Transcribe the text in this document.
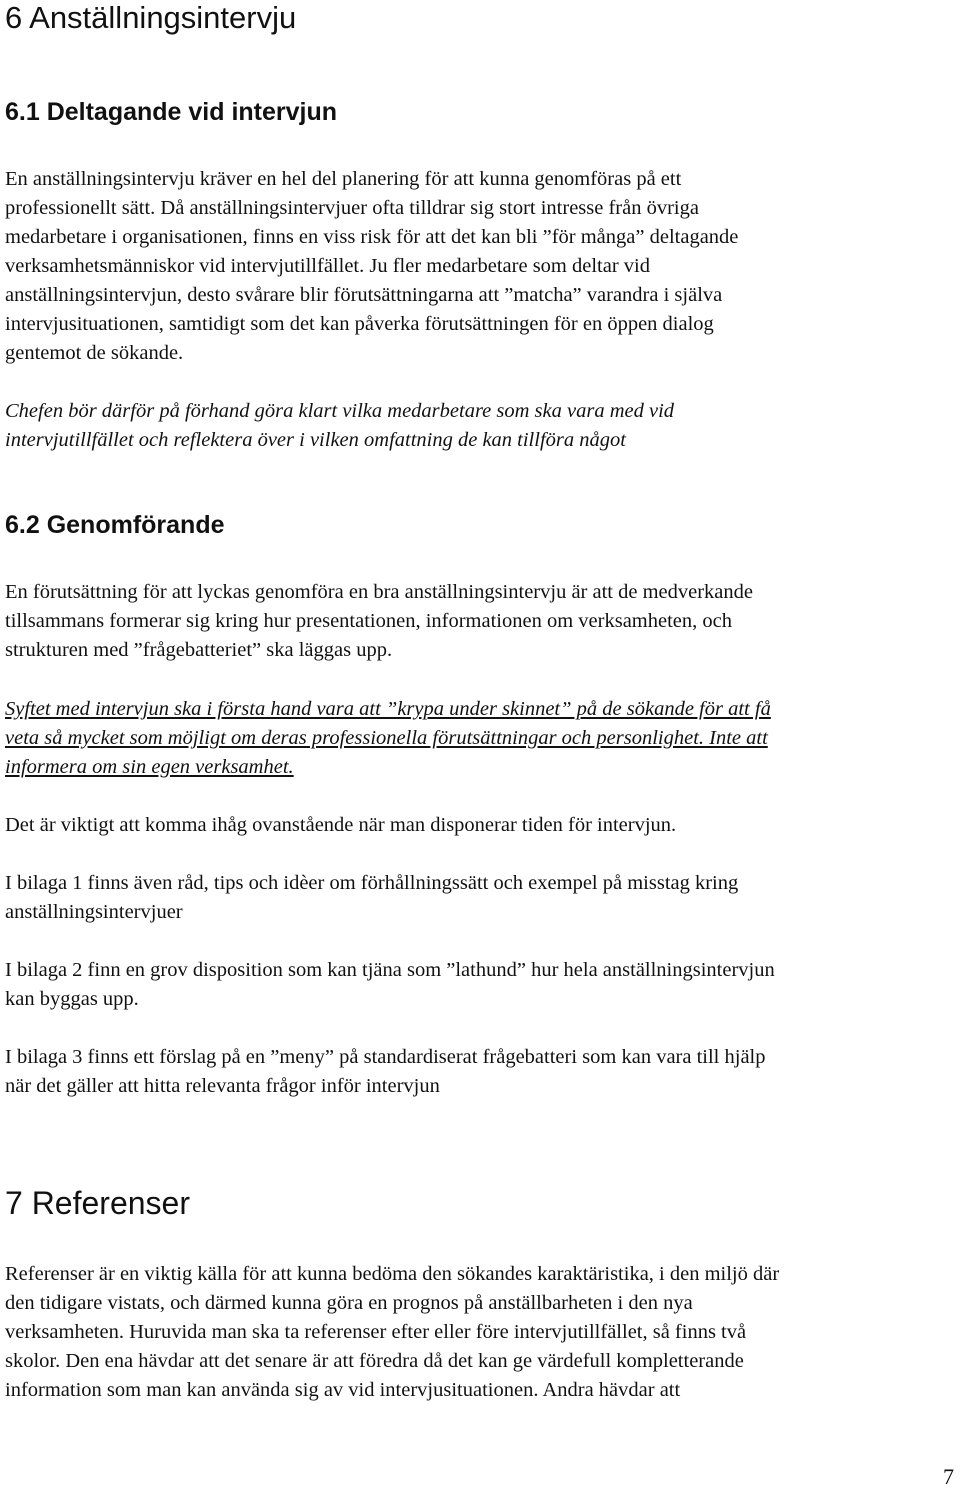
6 Anställningsintervju
6.1 Deltagande vid intervjun
En anställningsintervju kräver en hel del planering för att kunna genomföras på ett
professionellt sätt. Då anställningsintervjuer ofta tilldrar sig stort intresse från övriga
medarbetare i organisationen, finns en viss risk för att det kan bli ”för många” deltagande
verksamhetsmänniskor vid intervjutillfället. Ju fler medarbetare som deltar vid
anställningsintervjun, desto svårare blir förutsättningarna att ”matcha” varandra i själva
intervjusituationen, samtidigt som det kan påverka förutsättningen för en öppen dialog
gentemot de sökande.
Chefen bör därför på förhand göra klart vilka medarbetare som ska vara med vid
intervjutillfället och reflektera över i vilken omfattning de kan tillföra något
6.2 Genomförande
En förutsättning för att lyckas genomföra en bra anställningsintervju är att de medverkande
tillsammans formerar sig kring hur presentationen, informationen om verksamheten, och
strukturen med ”frågebatteriet” ska läggas upp.
Syftet med intervjun ska i första hand vara att ”krypa under skinnet” på de sökande för att få
veta så mycket som möjligt om deras professionella förutsättningar och personlighet. Inte att
informera om sin egen verksamhet.
Det är viktigt att komma ihåg ovanstående när man disponerar tiden för intervjun.
I bilaga 1 finns även råd, tips och idèer om förhållningssätt och exempel på misstag kring
anställningsintervjuer
I bilaga 2 finn en grov disposition som kan tjäna som ”lathund” hur hela anställningsintervjun
kan byggas upp.
I bilaga 3 finns ett förslag på en ”meny” på standardiserat frågebatteri som kan vara till hjälp
när det gäller att hitta relevanta frågor inför intervjun
7 Referenser
Referenser är en viktig källa för att kunna bedöma den sökandes karaktäristika, i den miljö där
den tidigare vistats, och därmed kunna göra en prognos på anställbarheten i den nya
verksamheten. Huruvida man ska ta referenser efter eller före intervjutillfället, så finns två
skolor. Den ena hävdar att det senare är att föredra då det kan ge värdefull kompletterande
information som man kan använda sig av vid intervjusituationen. Andra hävdar att

7
